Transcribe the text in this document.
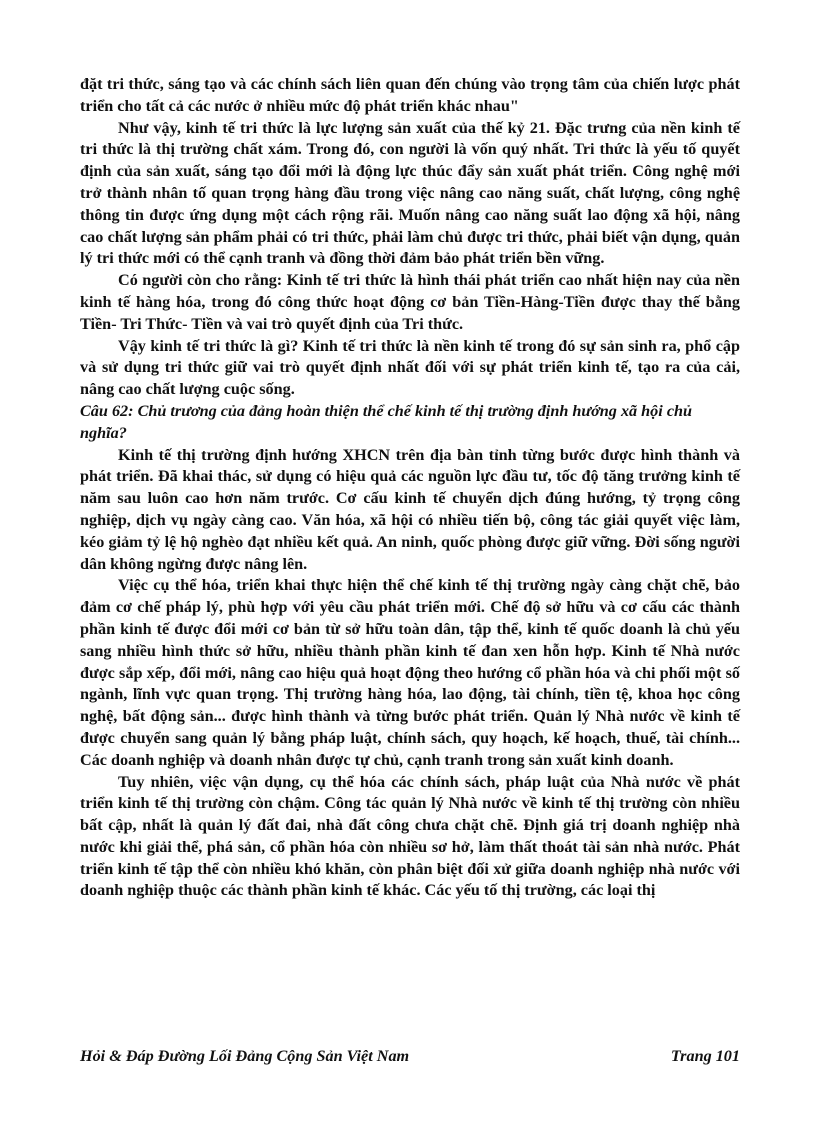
đặt tri thức, sáng tạo và các chính sách liên quan đến chúng vào trọng tâm của chiến lược phát triển cho tất cả các nước ở nhiều mức độ phát triển khác nhau"

Như vậy, kinh tế tri thức là lực lượng sản xuất của thế kỷ 21. Đặc trưng của nền kinh tế tri thức là thị trường chất xám. Trong đó, con người là vốn quý nhất. Tri thức là yếu tố quyết định của sản xuất, sáng tạo đổi mới là động lực thúc đẩy sản xuất phát triển. Công nghệ mới trở thành nhân tố quan trọng hàng đầu trong việc nâng cao năng suất, chất lượng, công nghệ thông tin được ứng dụng một cách rộng rãi. Muốn nâng cao năng suất lao động xã hội, nâng cao chất lượng sản phẩm phải có tri thức, phải làm chủ được tri thức, phải biết vận dụng, quản lý tri thức mới có thể cạnh tranh và đồng thời đảm bảo phát triển bền vững.

Có người còn cho rằng: Kinh tế tri thức là hình thái phát triển cao nhất hiện nay của nền kinh tế hàng hóa, trong đó công thức hoạt động cơ bản Tiền-Hàng-Tiền được thay thế bằng Tiền- Tri Thức- Tiền và vai trò quyết định của Tri thức.

Vậy kinh tế tri thức là gì? Kinh tế tri thức là nền kinh tế trong đó sự sản sinh ra, phổ cập và sử dụng tri thức giữ vai trò quyết định nhất đối với sự phát triển kinh tế, tạo ra của cải, nâng cao chất lượng cuộc sống.

Câu 62: Chủ trương của đảng hoàn thiện thể chế kinh tế thị trường định hướng xã hội chủ nghĩa?

Kinh tế thị trường định hướng XHCN trên địa bàn tỉnh từng bước được hình thành và phát triển. Đã khai thác, sử dụng có hiệu quả các nguồn lực đầu tư, tốc độ tăng trưởng kinh tế năm sau luôn cao hơn năm trước. Cơ cấu kinh tế chuyển dịch đúng hướng, tỷ trọng công nghiệp, dịch vụ ngày càng cao. Văn hóa, xã hội có nhiều tiến bộ, công tác giải quyết việc làm, kéo giảm tỷ lệ hộ nghèo đạt nhiều kết quả. An ninh, quốc phòng được giữ vững. Đời sống người dân không ngừng được nâng lên.

Việc cụ thể hóa, triển khai thực hiện thể chế kinh tế thị trường ngày càng chặt chẽ, bảo đảm cơ chế pháp lý, phù hợp với yêu cầu phát triển mới. Chế độ sở hữu và cơ cấu các thành phần kinh tế được đổi mới cơ bản từ sở hữu toàn dân, tập thể, kinh tế quốc doanh là chủ yếu sang nhiều hình thức sở hữu, nhiều thành phần kinh tế đan xen hỗn hợp. Kinh tế Nhà nước được sắp xếp, đổi mới, nâng cao hiệu quả hoạt động theo hướng cổ phần hóa và chi phối một số ngành, lĩnh vực quan trọng. Thị trường hàng hóa, lao động, tài chính, tiền tệ, khoa học công nghệ, bất động sản... được hình thành và từng bước phát triển. Quản lý Nhà nước về kinh tế được chuyển sang quản lý bằng pháp luật, chính sách, quy hoạch, kế hoạch, thuế, tài chính... Các doanh nghiệp và doanh nhân được tự chủ, cạnh tranh trong sản xuất kinh doanh.

Tuy nhiên, việc vận dụng, cụ thể hóa các chính sách, pháp luật của Nhà nước về phát triển kinh tế thị trường còn chậm. Công tác quản lý Nhà nước về kinh tế thị trường còn nhiều bất cập, nhất là quản lý đất đai, nhà đất công chưa chặt chẽ. Định giá trị doanh nghiệp nhà nước khi giải thể, phá sản, cổ phần hóa còn nhiều sơ hở, làm thất thoát tài sản nhà nước. Phát triển kinh tế tập thể còn nhiều khó khăn, còn phân biệt đối xử giữa doanh nghiệp nhà nước với doanh nghiệp thuộc các thành phần kinh tế khác. Các yếu tố thị trường, các loại thị

Hỏi & Đáp Đường Lối Đảng Cộng Sản Việt Nam	Trang 101
